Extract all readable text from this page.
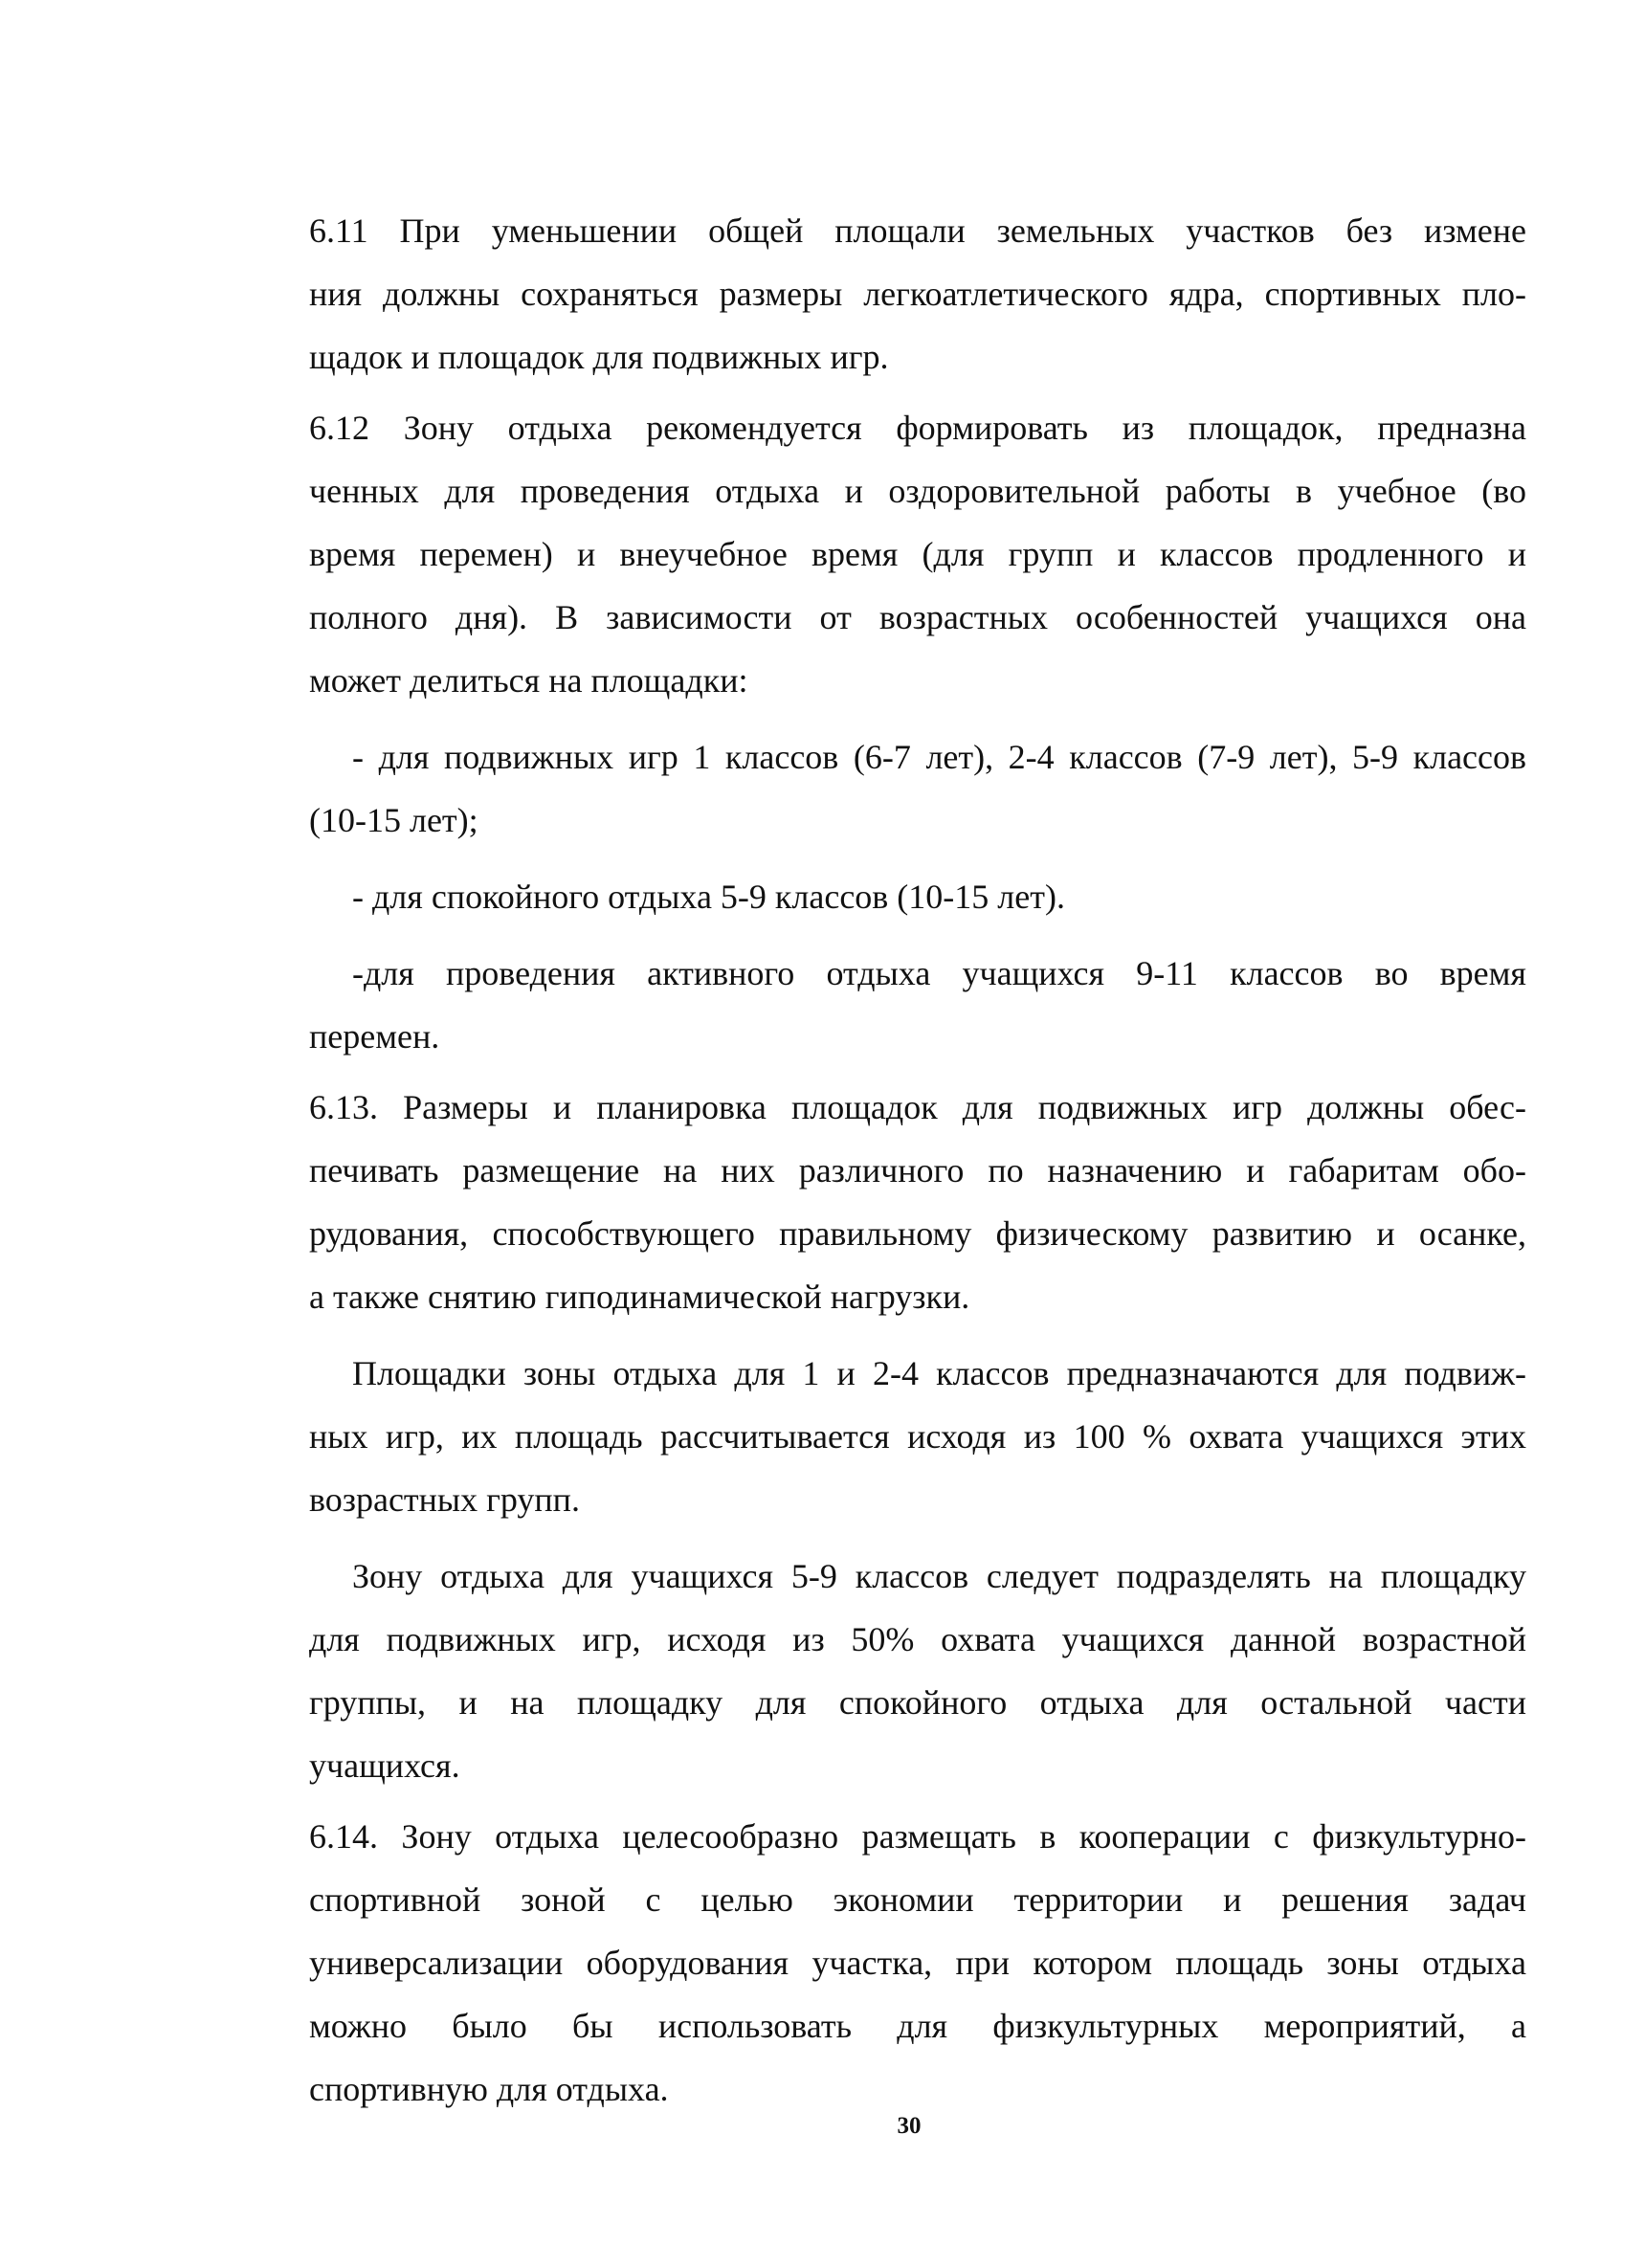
6.11 При уменьшении общей площали земельных участков без измене
ния должны сохраняться размеры легкоатлетического ядра, спортивных пло-
щадок и площадок для подвижных игр.
6.12 Зону отдыха рекомендуется формировать из площадок, предназна
ченных для проведения отдыха и оздоровительной работы в учебное (во
время перемен) и внеучебное время (для групп и классов продленного и
полного дня). В зависимости от возрастных особенностей учащихся она
может делиться на площадки:
- для подвижных игр 1 классов (6-7 лет), 2-4 классов (7-9 лет), 5-9 классов
(10-15 лет);
- для спокойного отдыха 5-9 классов (10-15 лет).
-для проведения активного отдыха учащихся 9-11 классов во время
перемен.
6.13. Размеры и планировка площадок для подвижных игр должны обес-
печивать размещение на них различного по назначению и габаритам обо-
рудования, способствующего правильному физическому развитию и осанке,
а также снятию гиподинамической нагрузки.
Площадки зоны отдыха для 1 и 2-4 классов предназначаются для подвиж-
ных игр, их площадь рассчитывается исходя из 100 % охвата учащихся этих
возрастных групп.
Зону отдыха для учащихся 5-9 классов следует подразделять на площадку
для подвижных игр, исходя из 50% охвата учащихся данной возрастной
группы, и на площадку для спокойного отдыха для остальной части
учащихся.
6.14. Зону отдыха целесообразно размещать в кооперации с физкультурно-
спортивной зоной с целью экономии территории и решения задач
универсализации оборудования участка, при котором площадь зоны отдыха
можно было бы использовать для физкультурных мероприятий, а
спортивную для отдыха.
30
